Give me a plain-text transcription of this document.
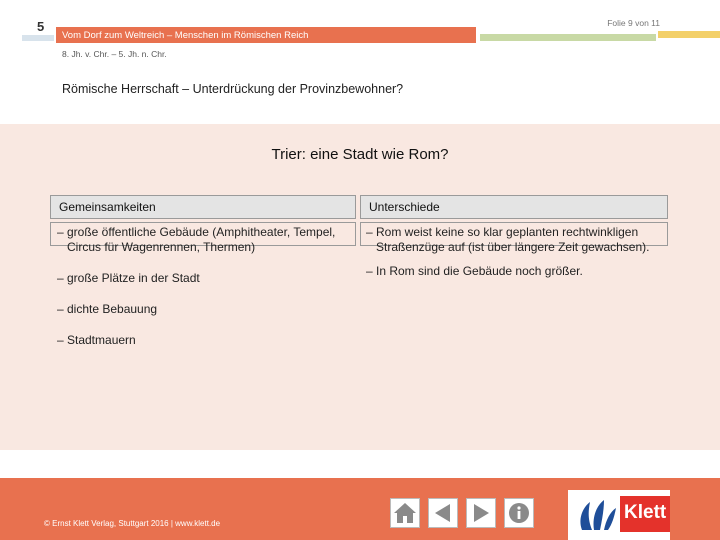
5
Vom Dorf zum Weltreich – Menschen im Römischen Reich
Folie 9 von 11
8. Jh. v. Chr. – 5. Jh. n. Chr.
Römische Herrschaft – Unterdrückung der Provinzbewohner?
Trier: eine Stadt wie Rom?
Gemeinsamkeiten	Unterschiede
– große öffentliche Gebäude (Amphitheater, Tempel, Circus für Wagenrennen, Thermen)
– große Plätze in der Stadt
– dichte Bebauung
– Stadtmauern
– Rom weist keine so klar geplanten rechtwinkligen Straßenzüge auf (ist über längere Zeit gewachsen).
– In Rom sind die Gebäude noch größer.
© Ernst Klett Verlag, Stuttgart 2016 | www.klett.de
Klett
